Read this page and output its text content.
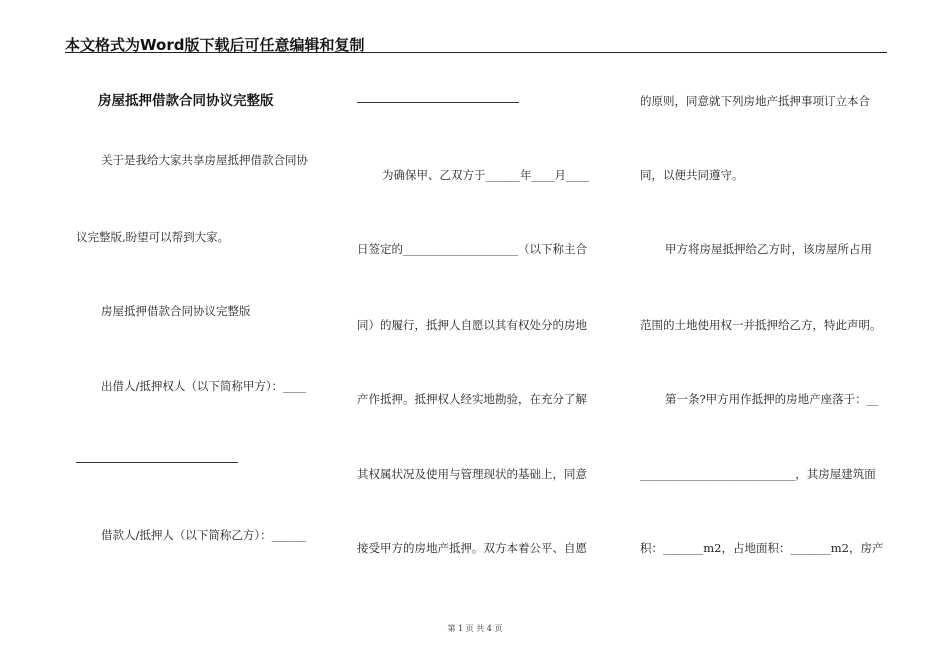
本文格式为Word版下载后可任意编辑和复制
房屋抵押借款合同协议完整版
关于是我给大家共享房屋抵押借款合同协
议完整版,盼望可以帮到大家。
房屋抵押借款合同协议完整版
出借人/抵押权人（以下简称甲方）：____
借款人/抵押人（以下简称乙方）：______
为确保甲、乙双方于______年____月____
日签定的____________________（以下称主合
同）的履行，抵押人自愿以其有权处分的房地
产作抵押。抵押权人经实地勘验，在充分了解
其权属状况及使用与管理现状的基础上，同意
接受甲方的房地产抵押。双方本着公平、自愿
的原则，同意就下列房地产抵押事项订立本合
同，以便共同遵守。
甲方将房屋抵押给乙方时，该房屋所占用
范围的土地使用权一并抵押给乙方，特此声明。
第一条?甲方用作抵押的房地产座落于：__
___________________________，其房屋建筑面
积：_______m2，占地面积：_______m2，房产
第 1 页 共 4 页
